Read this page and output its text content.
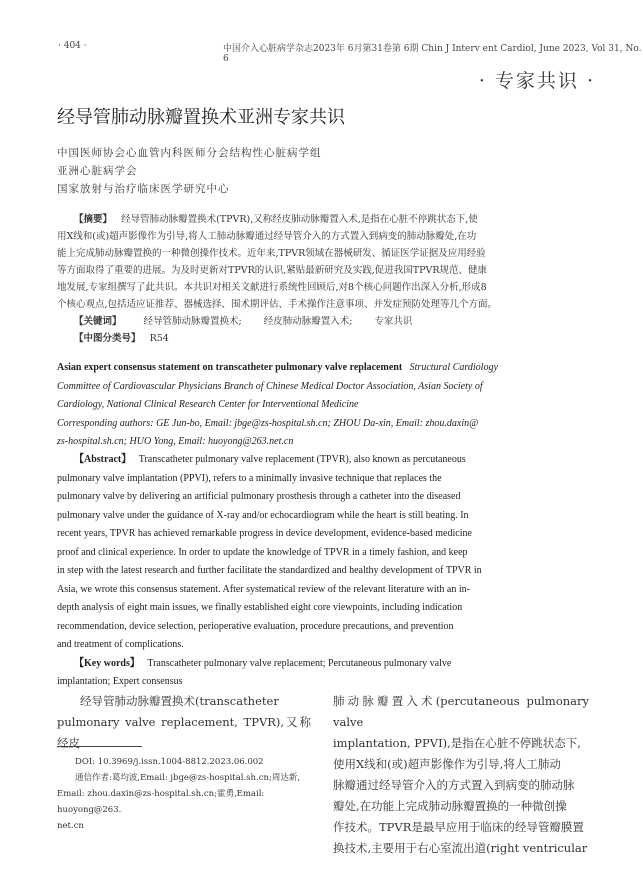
· 404 ·	中国介入心脏病学杂志2023年 6月第31卷第 6期 Chin J Interv ent Cardiol, June 2023, Vol 31, No. 6
· 专家共识 ·
经导管肺动脉瓣置换术亚洲专家共识
中国医师协会心血管内科医师分会结构性心脏病学组
亚洲心脏病学会
国家放射与治疗临床医学研究中心
【摘要】 经导管肺动脉瓣置换术(TPVR),又称经皮肺动脉瓣置入术,是指在心脏不停跳状态下,使
用X线和(或)超声影像作为引导,将人工肺动脉瓣通过经导管介入的方式置入到病变的肺动脉瓣处,在功
能上完成肺动脉瓣置换的一种微创操作技术。近年来,TPVR领域在器械研发、循证医学证据及应用经验
等方面取得了重要的进展。为及时更新对TPVR的认识,紧贴最新研究及实践,促进我国TPVR规范、健康
地发展,专家组撰写了此共识。本共识对相关文献进行系统性回顾后,对8个核心问题作出深入分析,形成8
个核心观点,包括适应证推荐、器械选择、围术期评估、手术操作注意事项、并发症预防处理等几个方面。
【关键词】 经导管肺动脉瓣置换术; 经皮肺动脉瓣置入术; 专家共识
【中图分类号】 R54
Asian expert consensus statement on transcatheter pulmonary valve replacement Structural Cardiology
Committee of Cardiovascular Physicians Branch of Chinese Medical Doctor Association, Asian Society of
Cardiology, National Clinical Research Center for Interventional Medicine
Corresponding authors: GE Jun-bo, Email: jbge@zs-hospital.sh.cn; ZHOU Da-xin, Email: zhou.daxin@
zs-hospital.sh.cn; HUO Yong, Email: huoyong@263.net.cn
【Abstract】 Transcatheter pulmonary valve replacement (TPVR), also known as percutaneous
pulmonary valve implantation (PPVI), refers to a minimally invasive technique that replaces the
pulmonary valve by delivering an artificial pulmonary prosthesis through a catheter into the diseased
pulmonary valve under the guidance of X-ray and/or echocardiogram while the heart is still beating. In
recent years, TPVR has achieved remarkable progress in device development, evidence-based medicine
proof and clinical experience. In order to update the knowledge of TPVR in a timely fashion, and keep
in step with the latest research and further facilitate the standardized and healthy development of TPVR in
Asia, we wrote this consensus statement. After systematical review of the relevant literature with an in-
depth analysis of eight main issues, we finally established eight core viewpoints, including indication
recommendation, device selection, perioperative evaluation, procedure precautions, and prevention
and treatment of complications.
【Key words】 Transcatheter pulmonary valve replacement; Percutaneous pulmonary valve
implantation; Expert consensus
经导管肺动脉瓣置换术(transcatheter
pulmonary valve replacement, TPVR),又称经皮
肺动脉瓣置入术(percutaneous pulmonary valve
implantation, PPVI),是指在心脏不停跳状态下,
使用X线和(或)超声影像作为引导,将人工肺动
脉瓣通过经导管介入的方式置入到病变的肺动脉
瓣处,在功能上完成肺动脉瓣置换的一种微创操
作技术。TPVR是最早应用于临床的经导管瓣膜置
换技术,主要用于右心室流出道(right ventricular
DOI: 10.3969/j.issn.1004-8812.2023.06.002
通信作者:葛均波,Email: jbge@zs-hospital.sh.cn;周达新,
Email: zhou.daxin@zs-hospital.sh.cn;霍勇,Email: huoyong@263.
net.cn
